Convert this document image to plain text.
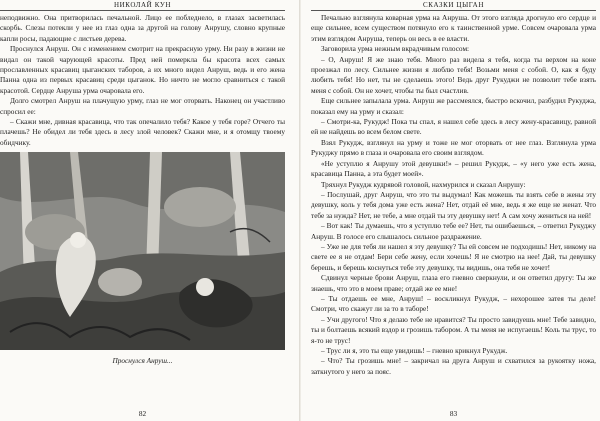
НИКОЛАЙ КУН

неподвижно. Она притворилась печальной. Лицо ее побледнело, в глазах засветилась скорбь. Слезы потекли у нее из глаз одна за другой на голову Анрушу, словно крупные капли росы, падающие с листьев дерева.

Проснулся Анруш. Он с изменением смотрит на прекрасную урму. Ни разу в жизни не видал он такой чарующей красоты. Пред ней померкла бы красота всех самых прославленных красавиц цыганских таборов, а их много видел Анруш, ведь и его жена Панна одна из первых красавиц среди цыганок. Но ничто не могло сравниться с такой красотой. Сердце Анруша урма очаровала его.

Долго смотрел Анруш на плачущую урму, глаз не мог оторвать. Наконец он участливо спросил ее:

– Скажи мне, дивная красавица, что так опечалило тебя? Какое у тебя горе? Отчего ты плачешь? Не обидел ли тебя здесь в лесу злой человек? Скажи мне, и я отомщу твоему обидчику.

Проснулся Анруш...
82
СКАЗКИ ЦЫГАН

Печально взглянула коварная урма на Анруша. От этого взгляда дрогнуло его сердце и еще сильнее, всем существом потянуло его к таинственной урме. Совсем очаровала урма этим взглядом Анруша, теперь он весь в ее власти.

Заговорила урма нежным вкрадчивым голосом:

– О, Анруш! Я же знаю тебя. Много раз видела я тебя, когда ты верхом на коне проезжал по лесу. Сильнее жизни я люблю тебя! Возьми меня с собой. О, как я буду любить тебя! Но нет, ты не сделаешь этого! Ведь друг Рукуджи не позволит тебе взять меня с собой. Он не хочет, чтобы ты был счастлив.

Еще сильнее запылала урма. Анруш же рассмеялся, быстро вскочил, разбудил Рукуджа, показал ему на урму и сказал:

– Смотри-ка, Рукудж! Пока ты спал, я нашел себе здесь в лесу жену-красавицу, равной ей не найдешь во всем белом свете.

Взял Рукудж, взглянул на урму и тоже не мог оторвать от нее глаз. Взглянула урма Рукуджу прямо в глаза и очаровала его своим взглядом.

«Не уступлю я Анрушу этой девушки!» – решил Рукудж, – «у него уже есть жена, красавица Панна, а эта будет моей».

Тряхнул Рукудж кудрявой головой, нахмурился и сказал Анрушу:

– Послушай, друг Анруш, что это ты выдумал! Как можешь ты взять себе в жены эту девушку, коль у тебя дома уже есть жена? Нет, отдай её мне, ведь я же еще не женат. Что тебе за нужда? Нет, не тебе, а мне отдай ты эту девушку нет! А сам хочу жениться на ней!

– Вот как! Ты думаешь, что я уступлю тебе ее? Нет, ты ошибаешься, – ответил Рукуджу Анруш. В голосе его слышалось сильное раздражение.

– Уже не для тебя ли нашел я эту девушку? Ты ей совсем не подходишь! Нет, никому на свете ее я не отдам! Бери себе жену, если хочешь! Я не смотрю на нее! Дай, ты девушку берешь, и берешь коснуться тебе эту девушку, ты видишь, она тебя не хочет!

Сдвинул черные брови Анруш, глаза его гневно сверкнули, и он ответил другу: Ты же знаешь, что это в моем праве; отдай же ее мне!

– Ты отдаешь ее мне, Анруш! – воскликнул Рукудж, – нехорошее затея ты деле! Смотри, что скажут ли за то в таборе!

– Учи другого! Что я делаю тебе не нравится? Ты просто завидуешь мне! Тебе завидно, ты и болтаешь всякий вздор и грозишь табором. А ты меня не испугаешь! Коль ты трус, то я-то не трус!

– Трус ли я, это ты еще увидишь! – гневно крикнул Рукудж.

– Что? Ты грозишь мне! – закричал на друга Анруш и схватился за рукоятку ножа, заткнутого у него за пояс.

83
